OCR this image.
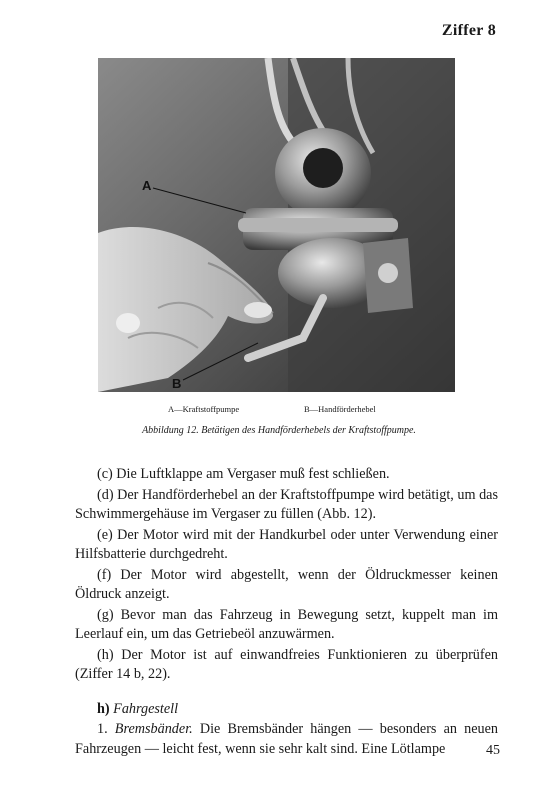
Ziffer 8
A
B
A—Kraftstoffpumpe	B—Handförderhebel
Abbildung 12. Betätigen des Handförderhebels der Kraftstoffpumpe.

(c) Die Luftklappe am Vergaser muß fest schließen.

(d) Der Handförderhebel an der Kraftstoffpumpe wird betätigt, um das Schwimmergehäuse im Vergaser zu füllen (Abb. 12).

(e) Der Motor wird mit der Handkurbel oder unter Verwendung einer Hilfsbatterie durchgedreht.

(f) Der Motor wird abgestellt, wenn der Öldruckmesser keinen Öldruck anzeigt.

(g) Bevor man das Fahrzeug in Bewegung setzt, kuppelt man im Leerlauf ein, um das Getriebeöl anzuwärmen.

(h) Der Motor ist auf einwandfreies Funktionieren zu überprüfen (Ziffer 14 b, 22).

h) Fahrgestell

1. Bremsbänder. Die Bremsbänder hängen — besonders an neuen Fahrzeugen — leicht fest, wenn sie sehr kalt sind. Eine Lötlampe	45
